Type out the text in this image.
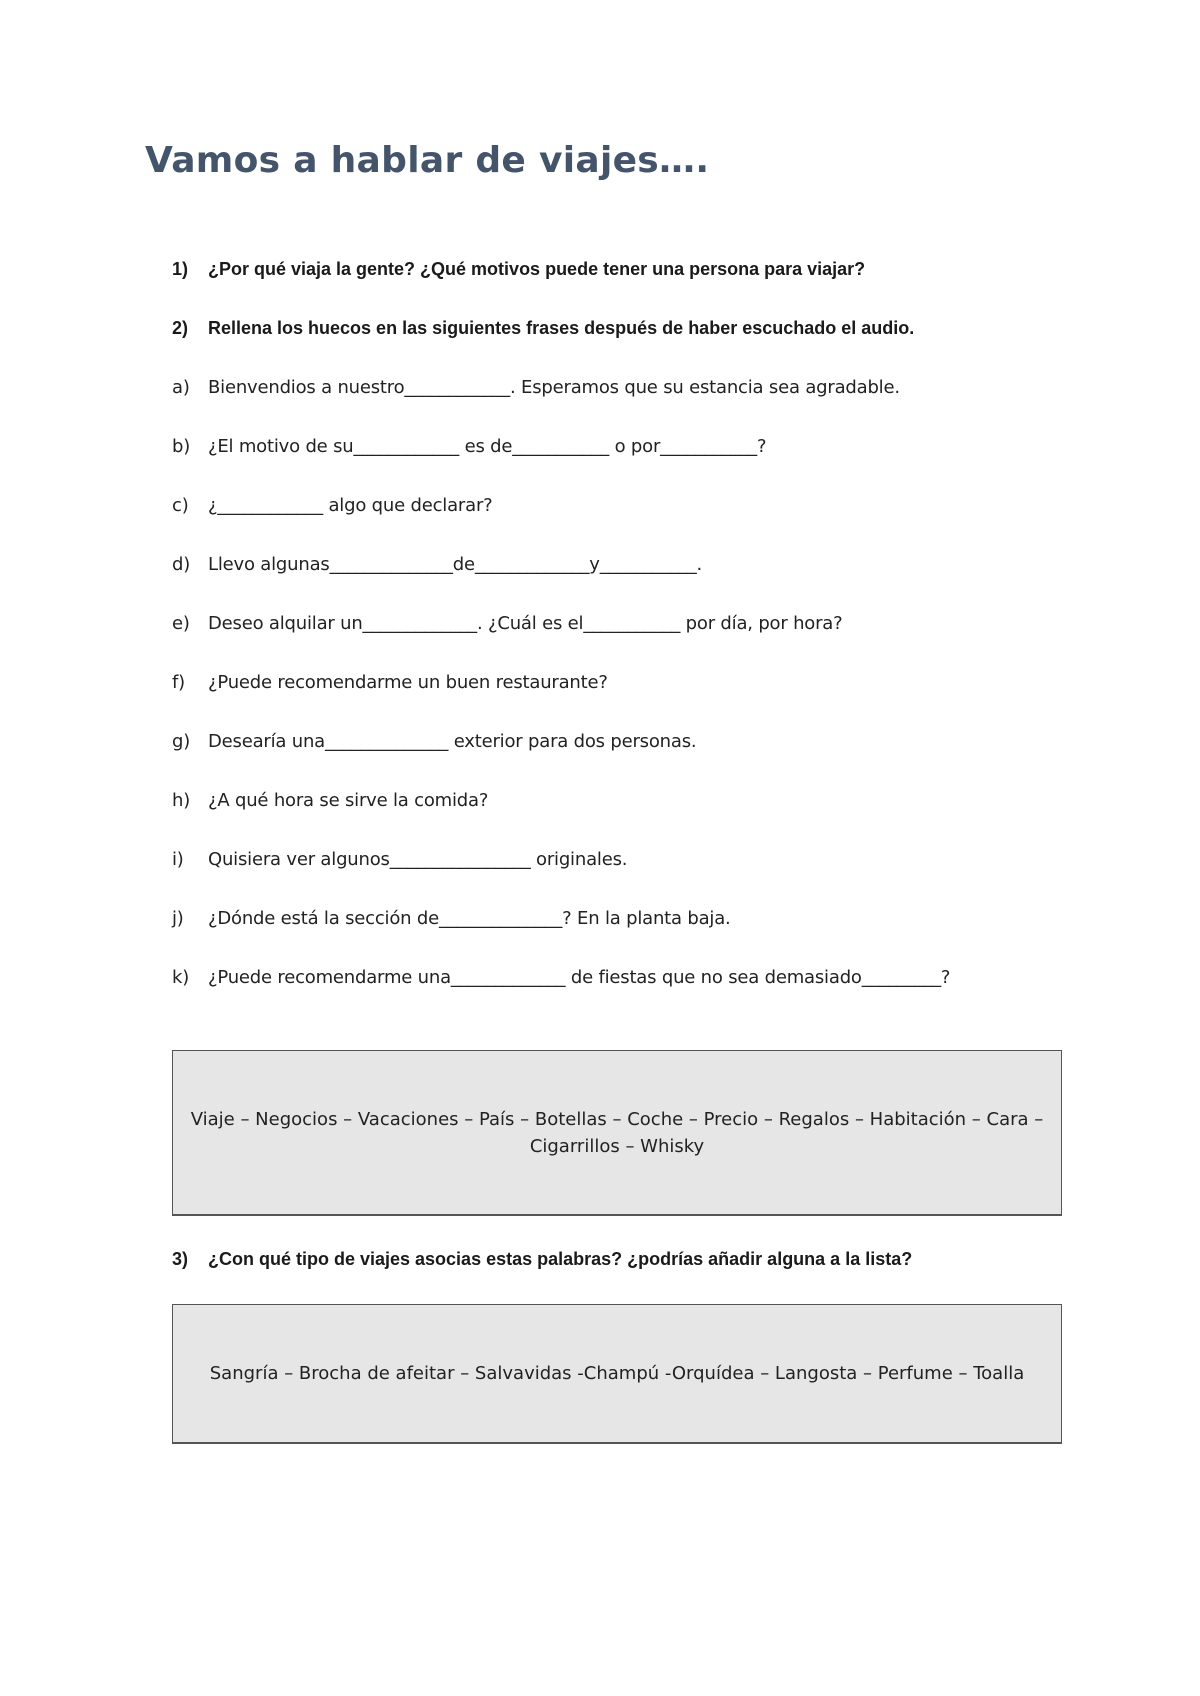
Vamos a hablar de viajes….
1) ¿Por qué viaja la gente? ¿Qué motivos puede tener una persona para viajar?
2) Rellena los huecos en las siguientes frases después de haber escuchado el audio.
a) Bienvendios a nuestro____________. Esperamos que su estancia sea agradable.
b) ¿El motivo de su____________ es de___________ o por___________?
c) ¿____________ algo que declarar?
d) Llevo algunas______________de_____________y___________.
e) Deseo alquilar un_____________. ¿Cuál es el___________ por día, por hora?
f) ¿Puede recomendarme un buen restaurante?
g) Desearía una______________ exterior para dos personas.
h) ¿A qué hora se sirve la comida?
i) Quisiera ver algunos________________ originales.
j) ¿Dónde está la sección de______________? En la planta baja.
k) ¿Puede recomendarme una_____________ de fiestas que no sea demasiado_________?
Viaje – Negocios – Vacaciones – País – Botellas – Coche – Precio – Regalos – Habitación – Cara – Cigarrillos – Whisky
3) ¿Con qué tipo de viajes asocias estas palabras? ¿podrías añadir alguna a la lista?
Sangría – Brocha de afeitar – Salvavidas -Champú -Orquídea – Langosta – Perfume – Toalla
